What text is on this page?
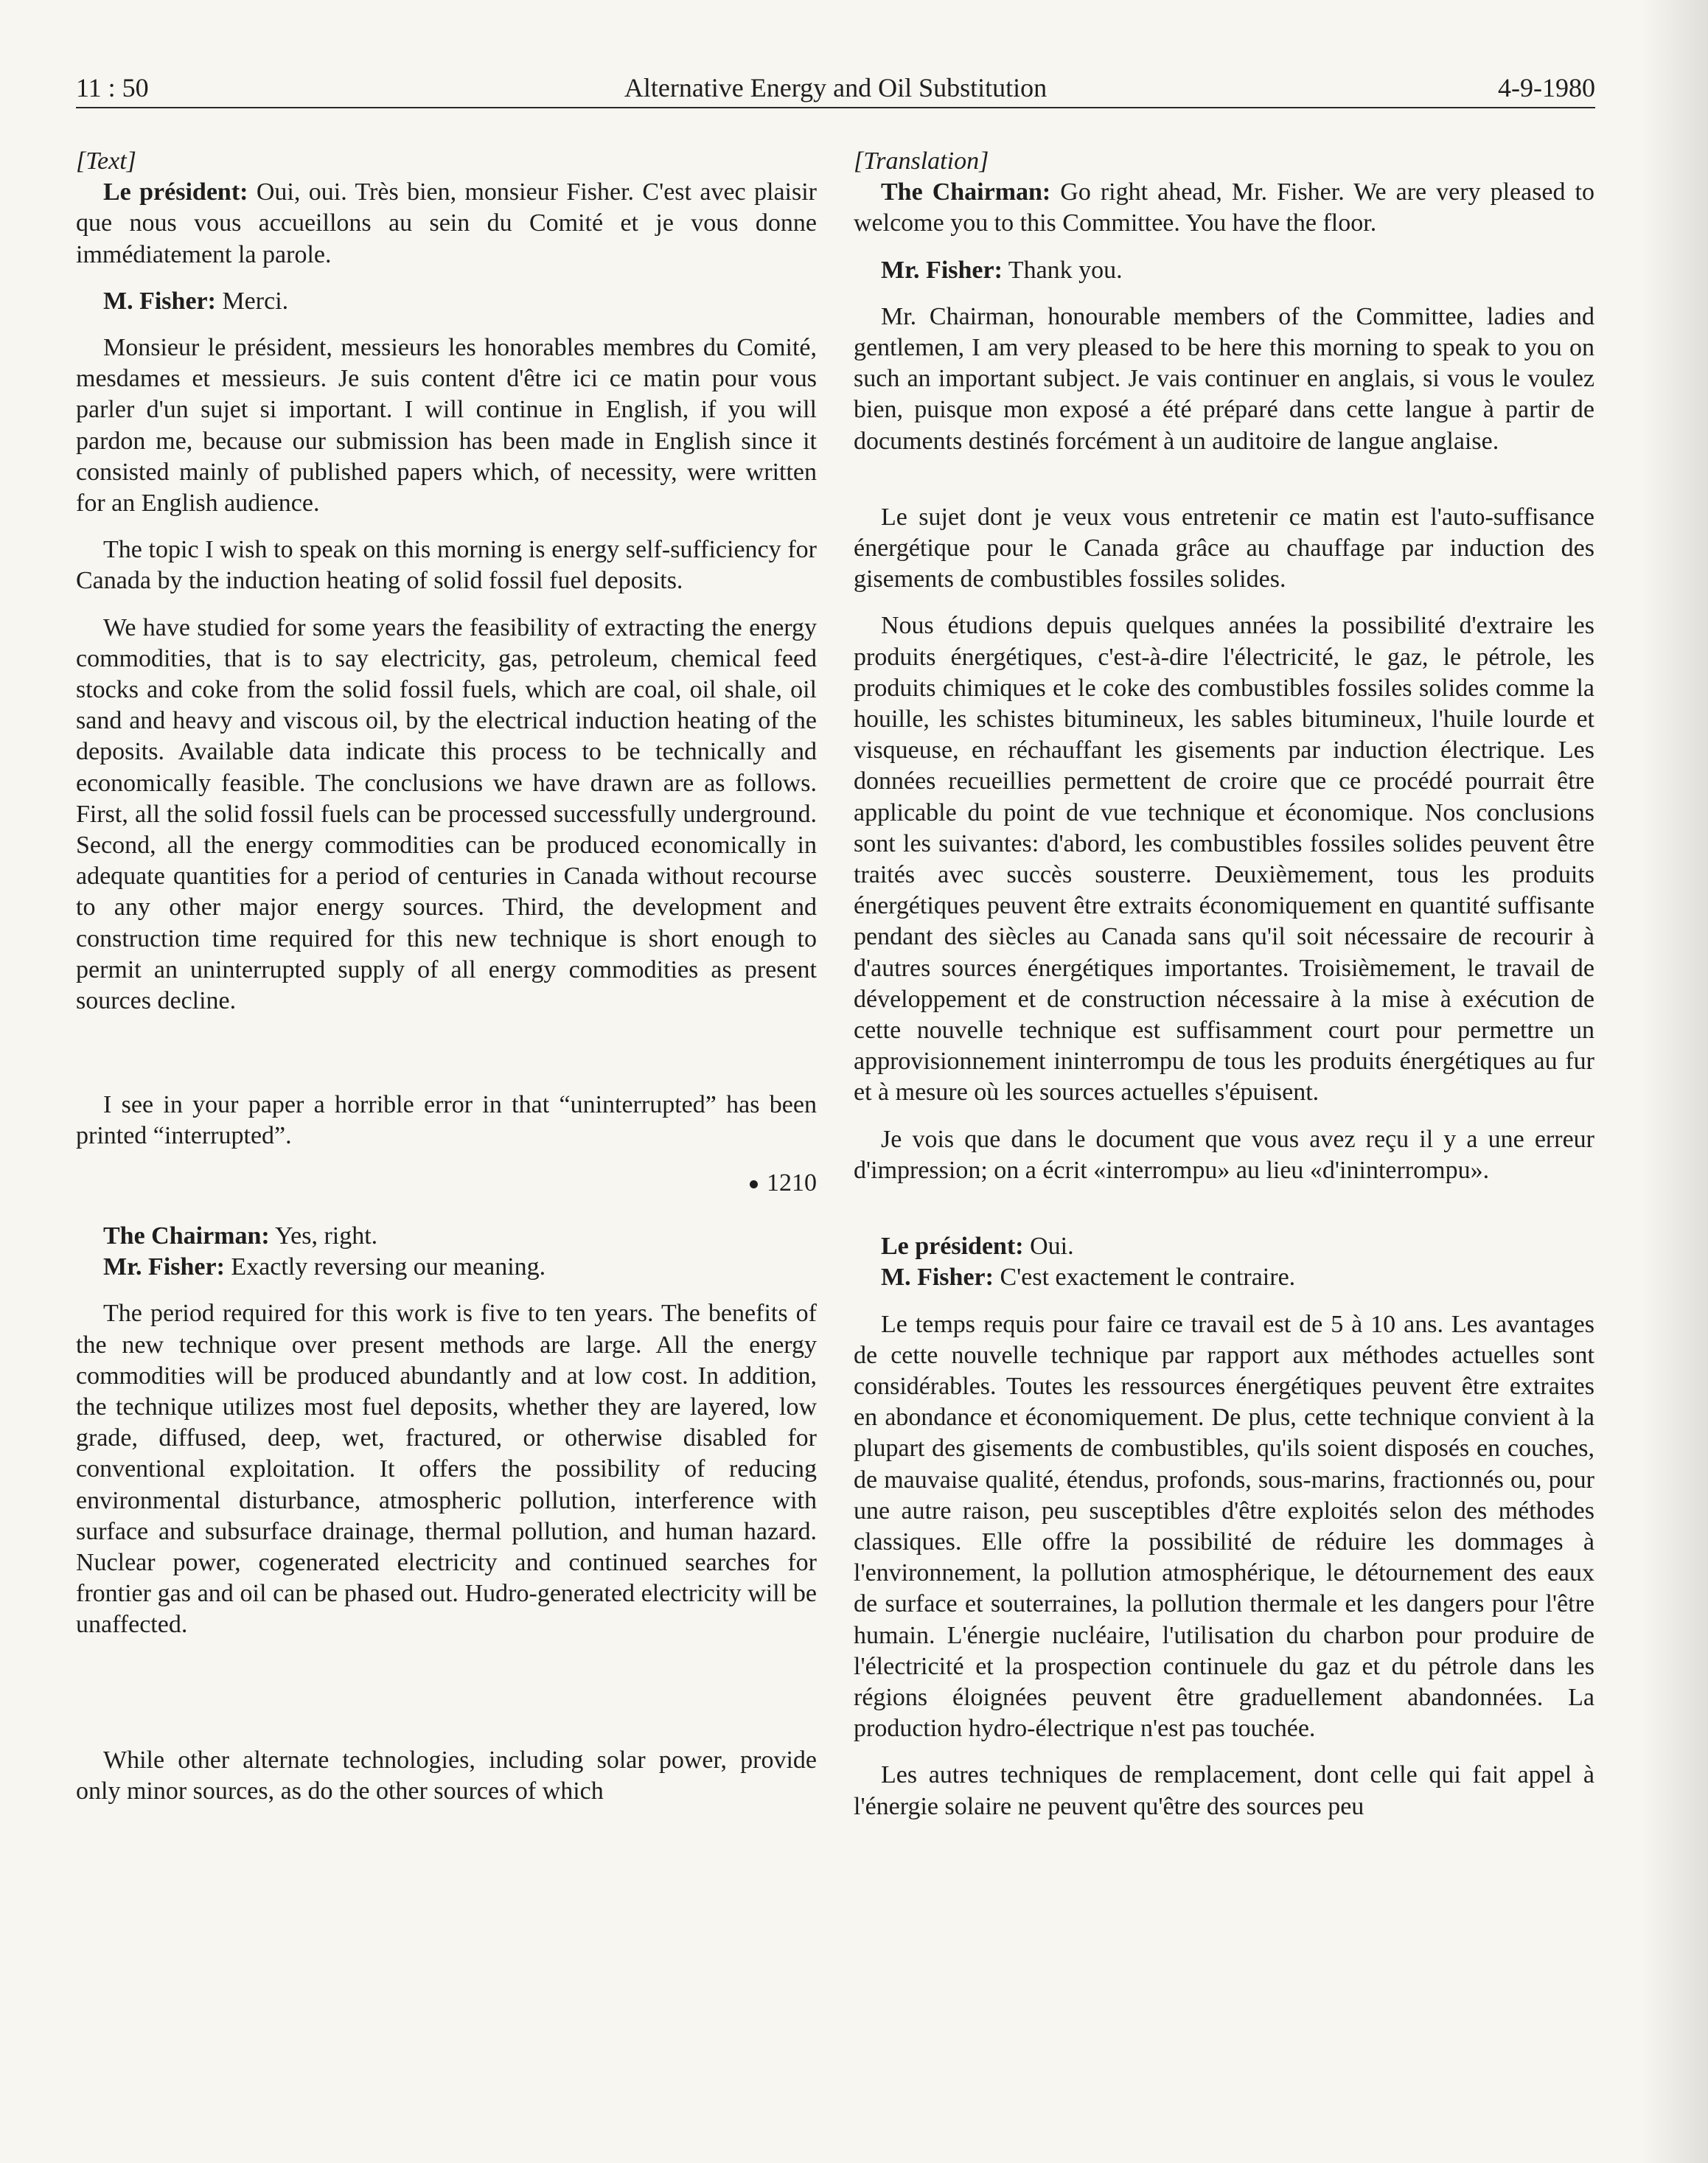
11 : 50	Alternative Energy and Oil Substitution	4-9-1980

[Text]

Le président: Oui, oui. Très bien, monsieur Fisher. C'est avec plaisir que nous vous accueillons au sein du Comité et je vous donne immédiatement la parole.

M. Fisher: Merci.

Monsieur le président, messieurs les honorables membres du Comité, mesdames et messieurs. Je suis content d'être ici ce matin pour vous parler d'un sujet si important. I will continue in English, if you will pardon me, because our submission has been made in English since it consisted mainly of published papers which, of necessity, were written for an English audience.

The topic I wish to speak on this morning is energy self-sufficiency for Canada by the induction heating of solid fossil fuel deposits.

We have studied for some years the feasibility of extracting the energy commodities, that is to say electricity, gas, petroleum, chemical feed stocks and coke from the solid fossil fuels, which are coal, oil shale, oil sand and heavy and viscous oil, by the electrical induction heating of the deposits. Available data indicate this process to be technically and economically feasible. The conclusions we have drawn are as follows. First, all the solid fossil fuels can be processed successfully underground. Second, all the energy commodities can be produced economically in adequate quantities for a period of centuries in Canada without recourse to any other major energy sources. Third, the development and construction time required for this new technique is short enough to permit an uninterrupted supply of all energy commodities as present sources decline.

I see in your paper a horrible error in that “uninterrupted” has been printed “interrupted”.

1210

The Chairman: Yes, right.

Mr. Fisher: Exactly reversing our meaning.

The period required for this work is five to ten years. The benefits of the new technique over present methods are large. All the energy commodities will be produced abundantly and at low cost. In addition, the technique utilizes most fuel deposits, whether they are layered, low grade, diffused, deep, wet, fractured, or otherwise disabled for conventional exploitation. It offers the possibility of reducing environmental disturbance, atmospheric pollution, interference with surface and subsurface drainage, thermal pollution, and human hazard. Nuclear power, cogenerated electricity and continued searches for frontier gas and oil can be phased out. Hudro-generated electricity will be unaffected.

While other alternate technologies, including solar power, provide only minor sources, as do the other sources of which

[Translation]

The Chairman: Go right ahead, Mr. Fisher. We are very pleased to welcome you to this Committee. You have the floor.

Mr. Fisher: Thank you.

Mr. Chairman, honourable members of the Committee, ladies and gentlemen, I am very pleased to be here this morning to speak to you on such an important subject. Je vais continuer en anglais, si vous le voulez bien, puisque mon exposé a été préparé dans cette langue à partir de documents destinés forcément à un auditoire de langue anglaise.

Le sujet dont je veux vous entretenir ce matin est l'auto-suffisance énergétique pour le Canada grâce au chauffage par induction des gisements de combustibles fossiles solides.

Nous étudions depuis quelques années la possibilité d'extraire les produits énergétiques, c'est-à-dire l'électricité, le gaz, le pétrole, les produits chimiques et le coke des combustibles fossiles solides comme la houille, les schistes bitumineux, les sables bitumineux, l'huile lourde et visqueuse, en réchauffant les gisements par induction électrique. Les données recueillies permettent de croire que ce procédé pourrait être applicable du point de vue technique et économique. Nos conclusions sont les suivantes: d'abord, les combustibles fossiles solides peuvent être traités avec succès sousterre. Deuxièmement, tous les produits énergétiques peuvent être extraits économiquement en quantité suffisante pendant des siècles au Canada sans qu'il soit nécessaire de recourir à d'autres sources énergétiques importantes. Troisièmement, le travail de développement et de construction nécessaire à la mise à exécution de cette nouvelle technique est suffisamment court pour permettre un approvisionnement ininterrompu de tous les produits énergétiques au fur et à mesure où les sources actuelles s'épuisent.

Je vois que dans le document que vous avez reçu il y a une erreur d'impression; on a écrit «interrompu» au lieu «d'ininterrompu».

Le président: Oui.

M. Fisher: C'est exactement le contraire.

Le temps requis pour faire ce travail est de 5 à 10 ans. Les avantages de cette nouvelle technique par rapport aux méthodes actuelles sont considérables. Toutes les ressources énergétiques peuvent être extraites en abondance et économiquement. De plus, cette technique convient à la plupart des gisements de combustibles, qu'ils soient disposés en couches, de mauvaise qualité, étendus, profonds, sous-marins, fractionnés ou, pour une autre raison, peu susceptibles d'être exploités selon des méthodes classiques. Elle offre la possibilité de réduire les dommages à l'environnement, la pollution atmosphérique, le détournement des eaux de surface et souterraines, la pollution thermale et les dangers pour l'être humain. L'énergie nucléaire, l'utilisation du charbon pour produire de l'électricité et la prospection continuele du gaz et du pétrole dans les régions éloignées peuvent être graduellement abandonnées. La production hydro-électrique n'est pas touchée.

Les autres techniques de remplacement, dont celle qui fait appel à l'énergie solaire ne peuvent qu'être des sources peu
